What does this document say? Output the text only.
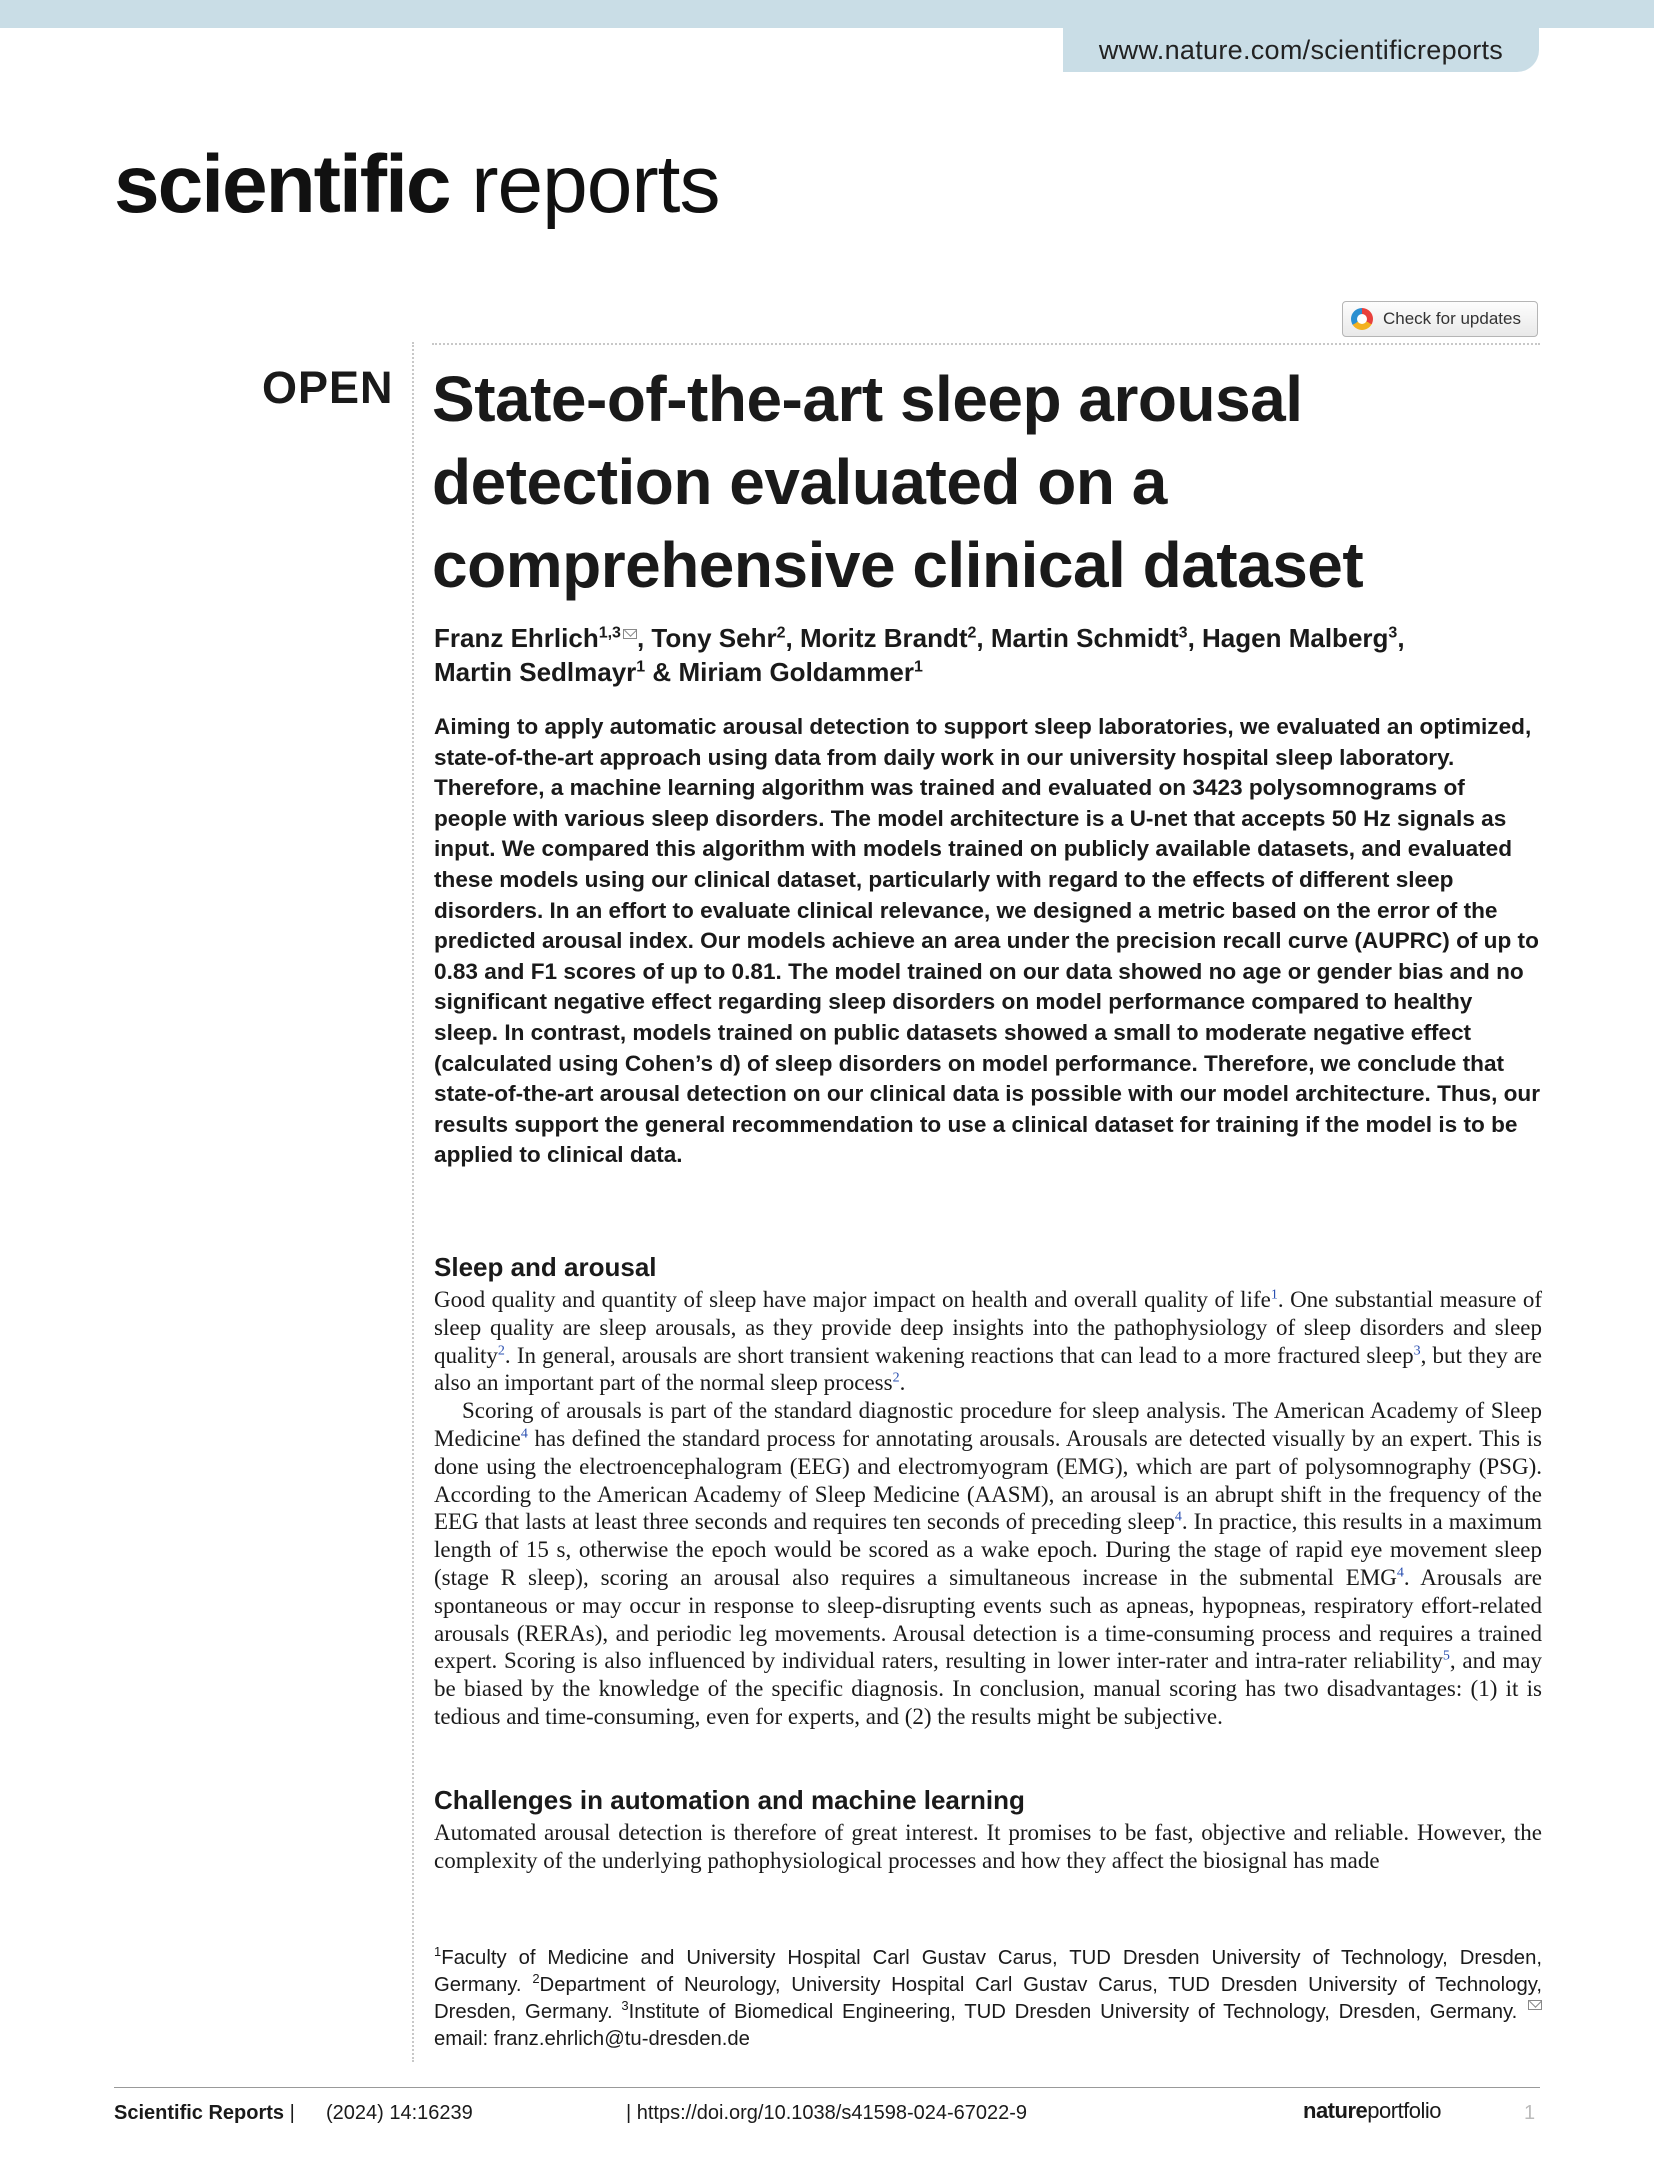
www.nature.com/scientificreports
scientific reports
OPEN
Check for updates
State-of-the-art sleep arousal detection evaluated on a comprehensive clinical dataset
Franz Ehrlich$^{1,3}$ , Tony Sehr$^2$, Moritz Brandt$^2$, Martin Schmidt$^3$, Hagen Malberg$^3$,
Martin Sedlmayr$^1$ & Miriam Goldammer$^1$

Aiming to apply automatic arousal detection to support sleep laboratories, we evaluated an optimized, state-of-the-art approach using data from daily work in our university hospital sleep laboratory. Therefore, a machine learning algorithm was trained and evaluated on 3423 polysomnograms of people with various sleep disorders. The model architecture is a U-net that accepts 50 Hz signals as input. We compared this algorithm with models trained on publicly available datasets, and evaluated these models using our clinical dataset, particularly with regard to the effects of different sleep disorders. In an effort to evaluate clinical relevance, we designed a metric based on the error of the predicted arousal index. Our models achieve an area under the precision recall curve (AUPRC) of up to 0.83 and F1 scores of up to 0.81. The model trained on our data showed no age or gender bias and no significant negative effect regarding sleep disorders on model performance compared to healthy sleep. In contrast, models trained on public datasets showed a small to moderate negative effect (calculated using Cohen’s d) of sleep disorders on model performance. Therefore, we conclude that state-of-the-art arousal detection on our clinical data is possible with our model architecture. Thus, our results support the general recommendation to use a clinical dataset for training if the model is to be applied to clinical data.

Sleep and arousal

Good quality and quantity of sleep have major impact on health and overall quality of life$^1$. One substantial measure of sleep quality are sleep arousals, as they provide deep insights into the pathophysiology of sleep disorders and sleep quality$^2$. In general, arousals are short transient wakening reactions that can lead to a more fractured sleep$^3$, but they are also an important part of the normal sleep process$^2$.

Scoring of arousals is part of the standard diagnostic procedure for sleep analysis. The American Academy of Sleep Medicine$^4$ has defined the standard process for annotating arousals. Arousals are detected visually by an expert. This is done using the electroencephalogram (EEG) and electromyogram (EMG), which are part of polysomnography (PSG). According to the American Academy of Sleep Medicine (AASM), an arousal is an abrupt shift in the frequency of the EEG that lasts at least three seconds and requires ten seconds of preceding sleep$^4$. In practice, this results in a maximum length of 15 s, otherwise the epoch would be scored as a wake epoch. During the stage of rapid eye movement sleep (stage R sleep), scoring an arousal also requires a simultaneous increase in the submental EMG$^4$. Arousals are spontaneous or may occur in response to sleep-disrupting events such as apneas, hypopneas, respiratory effort-related arousals (RERAs), and periodic leg movements. Arousal detection is a time-consuming process and requires a trained expert. Scoring is also influenced by individual raters, resulting in lower inter-rater and intra-rater reliability$^5$, and may be biased by the knowledge of the specific diagnosis. In conclusion, manual scoring has two disadvantages: (1) it is tedious and time-consuming, even for experts, and (2) the results might be subjective.

Challenges in automation and machine learning

Automated arousal detection is therefore of great interest. It promises to be fast, objective and reliable. However, the complexity of the underlying pathophysiological processes and how they affect the biosignal has made

$^1$Faculty of Medicine and University Hospital Carl Gustav Carus, TUD Dresden University of Technology, Dresden, Germany. $^2$Department of Neurology, University Hospital Carl Gustav Carus, TUD Dresden University of Technology, Dresden, Germany. $^3$Institute of Biomedical Engineering, TUD Dresden University of Technology, Dresden, Germany. email: franz.ehrlich@tu-dresden.de

Scientific Reports | (2024) 14:16239	| https://doi.org/10.1038/s41598-024-67022-9	natureportfolio	1
